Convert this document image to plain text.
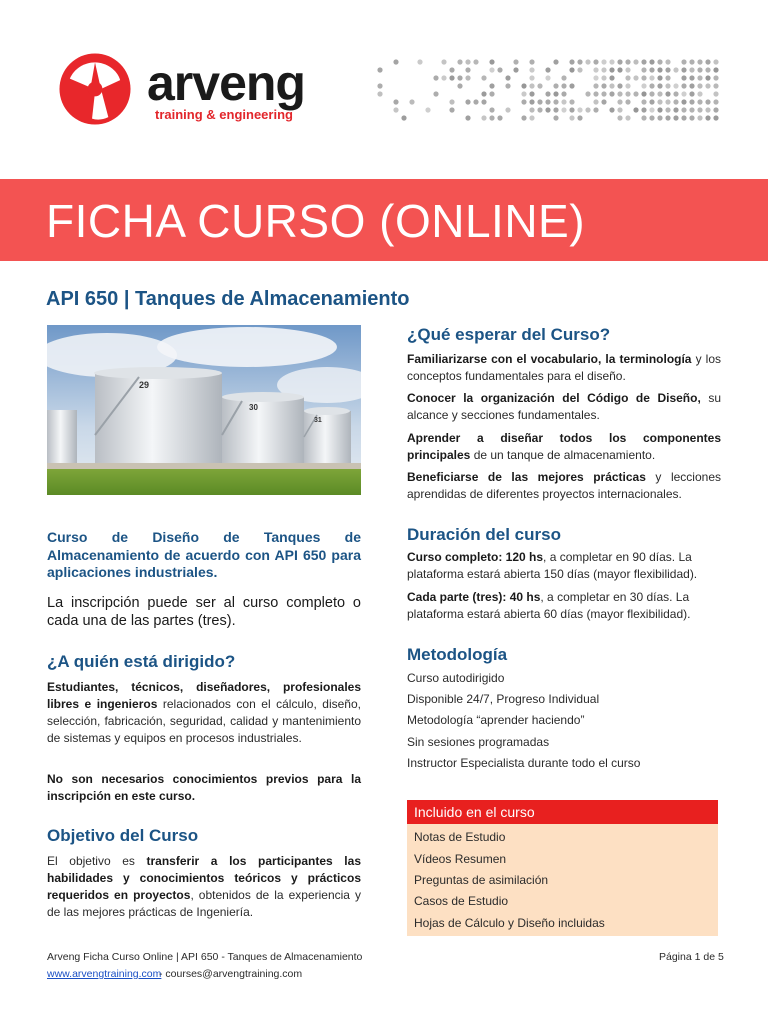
arveng
training & engineering
FICHA CURSO (ONLINE)
API 650 | Tanques de Almacenamiento
29
30
31
Curso de Diseño de Tanques de Almacenamiento de acuerdo con API 650 para aplicaciones industriales.
La inscripción puede ser al curso completo o cada una de las partes (tres).
¿A quién está dirigido?
Estudiantes, técnicos, diseñadores, profesionales libres e ingenieros relacionados con el cálculo, diseño, selección, fabricación, seguridad, calidad y mantenimiento de sistemas y equipos en procesos industriales.
No son necesarios conocimientos previos para la inscripción en este curso.
Objetivo del Curso
El objetivo es transferir a los participantes las habilidades y conocimientos teóricos y prácticos requeridos en proyectos, obtenidos de la experiencia y de las mejores prácticas de Ingeniería.
¿Qué esperar del Curso?
Familiarizarse con el vocabulario, la terminología y los conceptos fundamentales para el diseño.
Conocer la organización del Código de Diseño, su alcance y secciones fundamentales.
Aprender a diseñar todos los componentes principales de un tanque de almacenamiento.
Beneficiarse de las mejores prácticas y lecciones aprendidas de diferentes proyectos internacionales.
Duración del curso
Curso completo: 120 hs, a completar en 90 días. La plataforma estará abierta 150 días (mayor flexibilidad).
Cada parte (tres): 40 hs, a completar en 30 días. La plataforma estará abierta 60 días (mayor flexibilidad).
Metodología
Curso autodirigido
Disponible 24/7, Progreso Individual
Metodología “aprender haciendo”
Sin sesiones programadas
Instructor Especialista durante todo el curso
Incluido en el curso
Notas de Estudio
Vídeos Resumen
Preguntas de asimilación
Casos de Estudio
Hojas de Cálculo y Diseño incluidas
Arveng Ficha Curso Online | API 650 - Tanques de Almacenamiento	Página 1 de 5
www.arvengtraining.com
- courses@arvengtraining.com
